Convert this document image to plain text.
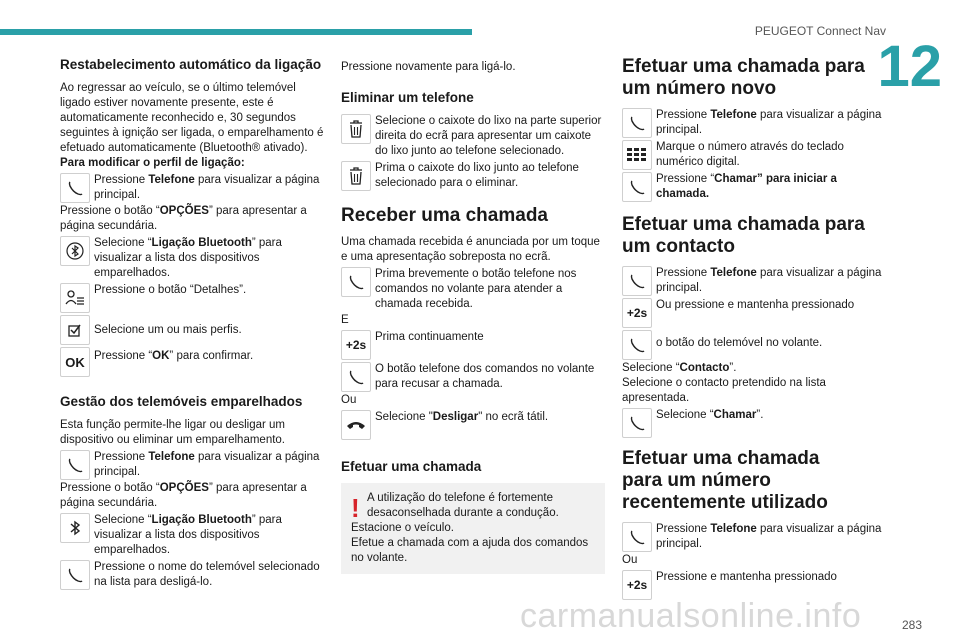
PEUGEOT Connect Nav
12
Restabelecimento automático da ligação

Ao regressar ao veículo, se o último telemóvel ligado estiver novamente presente, este é automaticamente reconhecido e, 30 segundos seguintes à ignição ser ligada, o emparelhamento é efetuado automaticamente (Bluetooth® ativado).

Para modificar o perfil de ligação:

Pressione Telefone para visualizar a página principal.

Pressione o botão “OPÇÕES” para apresentar a página secundária.

Selecione “Ligação Bluetooth” para visualizar a lista dos dispositivos emparelhados.
Pressione o botão “Detalhes”.
Selecione um ou mais perfis.
OK Pressione “OK” para confirmar.
Gestão dos telemóveis emparelhados

Esta função permite-lhe ligar ou desligar um dispositivo ou eliminar um emparelhamento.

Pressione Telefone para visualizar a página principal.

Pressione o botão “OPÇÕES” para apresentar a página secundária.

Selecione “Ligação Bluetooth” para visualizar a lista dos dispositivos emparelhados.
Pressione o nome do telemóvel selecionado na lista para desligá-lo.

Pressione novamente para ligá-lo.

Eliminar um telefone
Selecione o caixote do lixo na parte superior direita do ecrã para apresentar um caixote do lixo junto ao telefone selecionado.
Prima o caixote do lixo junto ao telefone selecionado para o eliminar.
Receber uma chamada

Uma chamada recebida é anunciada por um toque e uma apresentação sobreposta no ecrã.

Prima brevemente o botão telefone nos comandos no volante para atender a chamada recebida.

E

+2s
Prima continuamente
O botão telefone dos comandos no volante para recusar a chamada.

Ou

Selecione "Desligar" no ecrã tátil.
Efetuar uma chamada
! A utilização do telefone é fortemente desaconselhada durante a condução.
Estacione o veículo.
Efetue a chamada com a ajuda dos comandos no volante.
Efetuar uma chamada para um número novo
Pressione Telefone para visualizar a página principal.
Marque o número através do teclado numérico digital.
Pressione “Chamar” para iniciar a chamada.
Efetuar uma chamada para um contacto
Pressione Telefone para visualizar a página principal.
+2s
Ou pressione e mantenha pressionado
o botão do telemóvel no volante.

Selecione “Contacto”.

Selecione o contacto pretendido na lista apresentada.

Selecione “Chamar”.
Efetuar uma chamada para um número recentemente utilizado
Pressione Telefone para visualizar a página principal.

Ou

+2s
Pressione e mantenha pressionado
283
carmanualsonline.info
